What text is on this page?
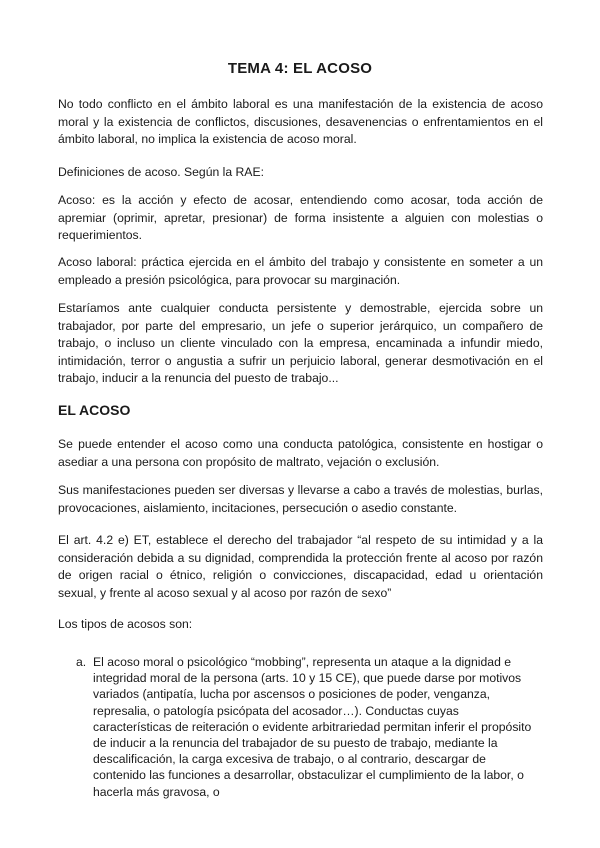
TEMA 4: EL ACOSO

No todo conflicto en el ámbito laboral es una manifestación de la existencia de acoso moral y la existencia de conflictos, discusiones, desavenencias o enfrentamientos en el ámbito laboral, no implica la existencia de acoso moral.

Definiciones de acoso. Según la RAE:

Acoso: es la acción y efecto de acosar, entendiendo como acosar, toda acción de apremiar (oprimir, apretar, presionar) de forma insistente a alguien con molestias o requerimientos.

Acoso laboral: práctica ejercida en el ámbito del trabajo y consistente en someter a un empleado a presión psicológica, para provocar su marginación.

Estaríamos ante cualquier conducta persistente y demostrable, ejercida sobre un trabajador, por parte del empresario, un jefe o superior jerárquico, un compañero de trabajo, o incluso un cliente vinculado con la empresa, encaminada a infundir miedo, intimidación, terror o angustia a sufrir un perjuicio laboral, generar desmotivación en el trabajo, inducir a la renuncia del puesto de trabajo...

EL ACOSO

Se puede entender el acoso como una conducta patológica, consistente en hostigar o asediar a una persona con propósito de maltrato, vejación o exclusión.

Sus manifestaciones pueden ser diversas y llevarse a cabo a través de molestias, burlas, provocaciones, aislamiento, incitaciones, persecución o asedio constante.

El art. 4.2 e) ET, establece el derecho del trabajador “al respeto de su intimidad y a la consideración debida a su dignidad, comprendida la protección frente al acoso por razón de origen racial o étnico, religión o convicciones, discapacidad, edad u orientación sexual, y frente al acoso sexual y al acoso por razón de sexo”

Los tipos de acosos son:

a. El acoso moral o psicológico “mobbing”, representa un ataque a la dignidad e integridad moral de la persona (arts. 10 y 15 CE), que puede darse por motivos variados (antipatía, lucha por ascensos o posiciones de poder, venganza, represalia, o patología psicópata del acosador…). Conductas cuyas características de reiteración o evidente arbitrariedad permitan inferir el propósito de inducir a la renuncia del trabajador de su puesto de trabajo, mediante la descalificación, la carga excesiva de trabajo, o al contrario, descargar de contenido las funciones a desarrollar, obstaculizar el cumplimiento de la labor, o hacerla más gravosa, o
